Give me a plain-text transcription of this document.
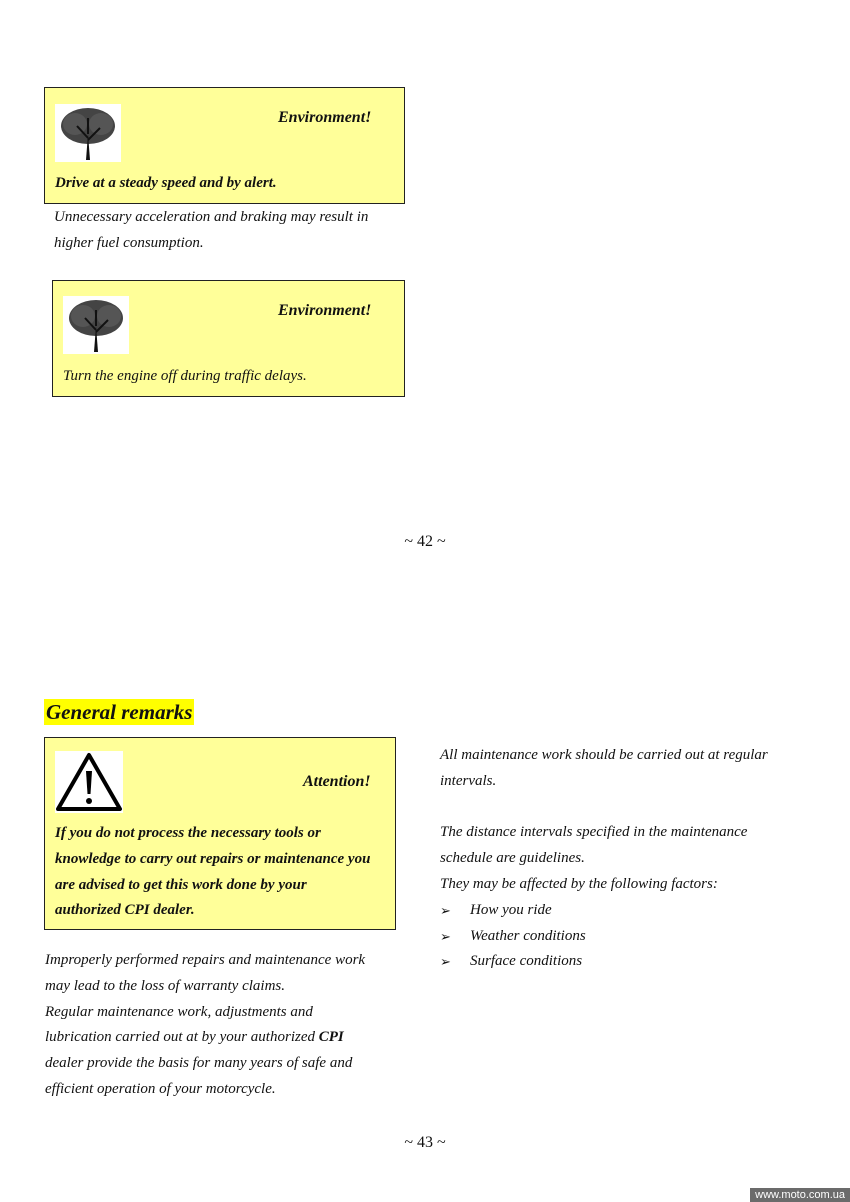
Environment!
Drive at a steady speed and by alert.
Unnecessary acceleration and braking may result in
higher fuel consumption.
Environment!
Turn the engine off during traffic delays.
~ 42 ~
General remarks
Attention!
If you do not process the necessary tools or
knowledge to carry out repairs or maintenance you
are advised to get this work done by your
authorized CPI dealer.
Improperly performed repairs and maintenance work
may lead to the loss of warranty claims.
Regular maintenance work, adjustments and
lubrication carried out at by your authorized CPI
dealer provide the basis for many years of safe and
efficient operation of your motorcycle.
All maintenance work should be carried out at regular
intervals.
The distance intervals specified in the maintenance
schedule are guidelines.
They may be affected by the following factors:
➢ How you ride
➢ Weather conditions
➢ Surface conditions
~ 43 ~
www.moto.com.ua
